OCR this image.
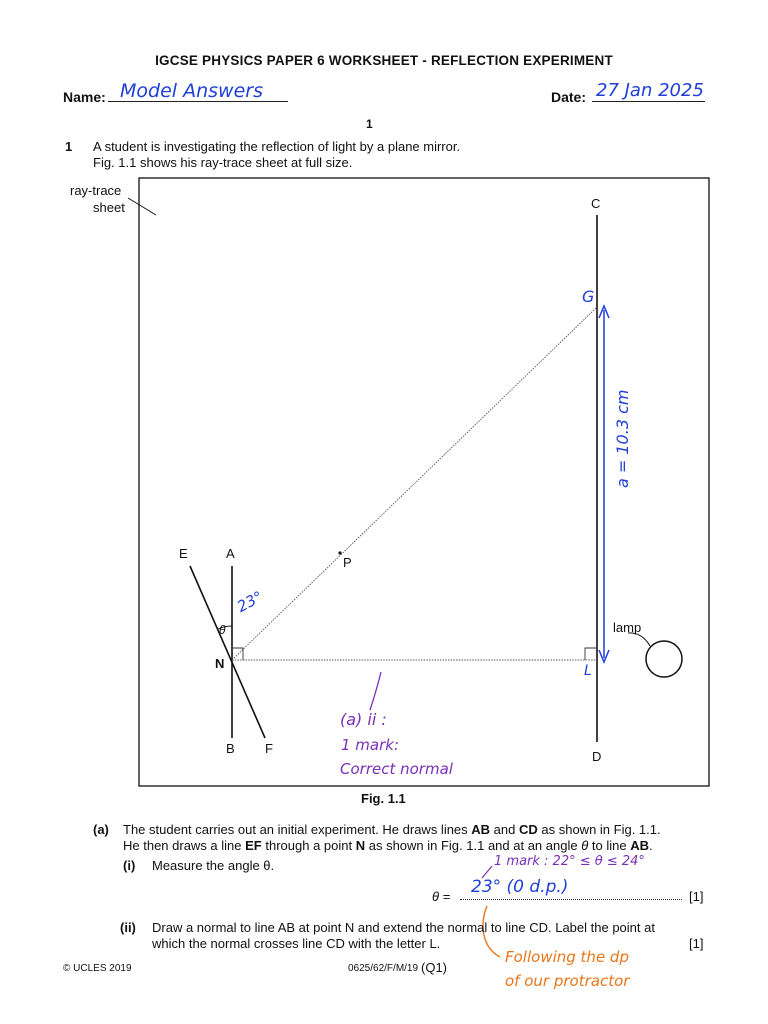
IGCSE PHYSICS PAPER 6 WORKSHEET - REFLECTION EXPERIMENT
Name: Model Answers	Date: 27 Jan 2025
1
1 A student is investigating the reflection of light by a plane mirror.
Fig. 1.1 shows his ray-trace sheet at full size.
ray-trace
sheet	C
D
E	A
B F
N
P
θ	lamp
G
L
23°
a = 10.3 cm
(a) ii :
1 mark:
Correct normal
Fig. 1.1
(a) The student carries out an initial experiment. He draws lines AB and CD as shown in Fig. 1.1.
He then draws a line EF through a point N as shown in Fig. 1.1 and at an angle θ to line AB.
(i) Measure the angle θ.	1 mark : 22° ≤ θ ≤ 24°
θ = 23° (0 d.p.)	[1]
(ii) Draw a normal to line AB at point N and extend the normal to line CD. Label the point at
which the normal crosses line CD with the letter L.	[1]
Following the dp
of our protractor
© UCLES 2019	0625/62/F/M/19 (Q1)
